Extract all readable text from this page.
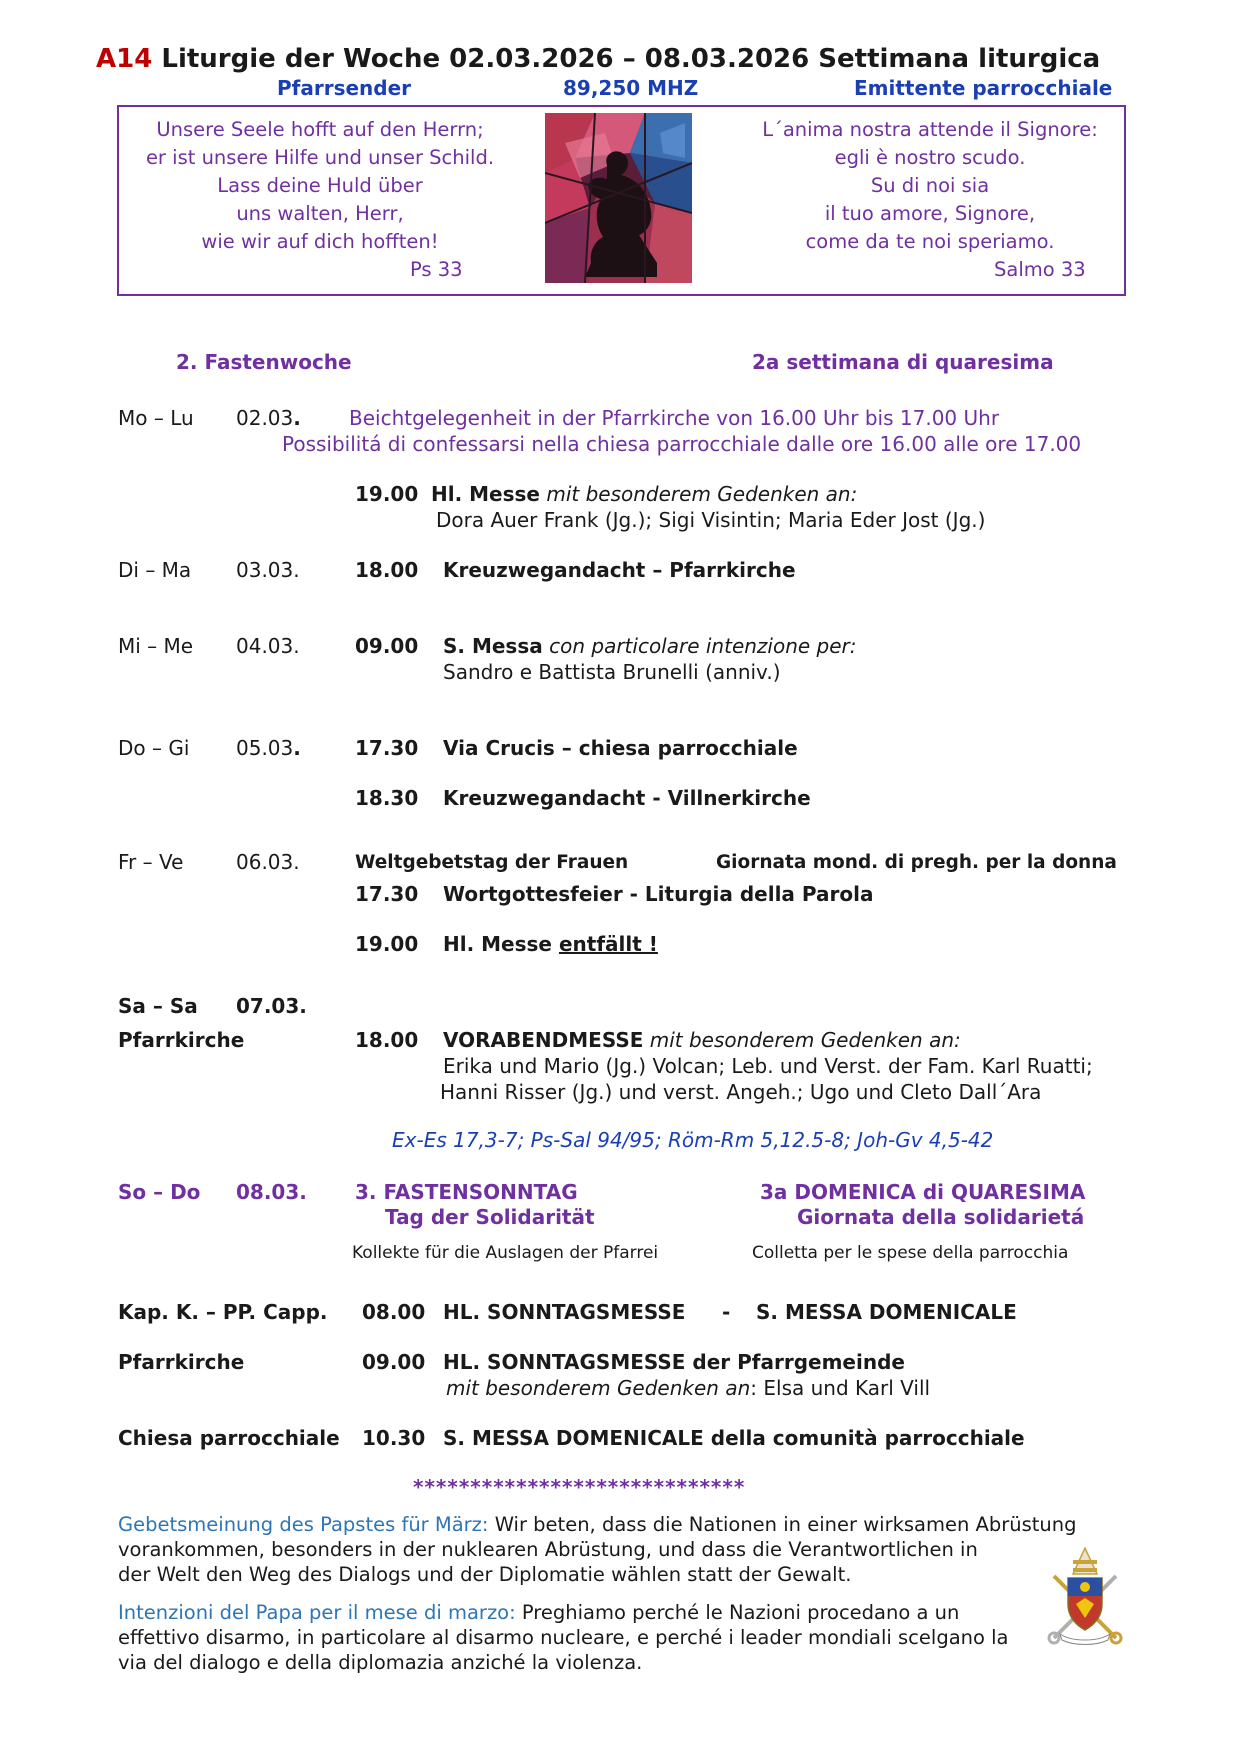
A14 Liturgie der Woche 02.03.2026 – 08.03.2026 Settimana liturgica
Pfarrsender	89,250 MHZ	Emittente parrocchiale
Unsere Seele hofft auf den Herrn;
er ist unsere Hilfe und unser Schild.
Lass deine Huld über
uns walten, Herr,
wie wir auf dich hofften!
Ps 33
L´anima nostra attende il Signore:
egli è nostro scudo.
Su di noi sia
il tuo amore, Signore,
come da te noi speriamo.
Salmo 33
2. Fastenwoche	2a settimana di quaresima
Mo – Lu 02.03. Beichtgelegenheit in der Pfarrkirche von 16.00 Uhr bis 17.00 Uhr
Possibilitá di confessarsi nella chiesa parrocchiale dalle ore 16.00 alle ore 17.00
19.00 Hl. Messe mit besonderem Gedenken an:
Dora Auer Frank (Jg.); Sigi Visintin; Maria Eder Jost (Jg.)
Di – Ma 03.03.	18.00 Kreuzwegandacht – Pfarrkirche
Mi – Me 04.03.	09.00 S. Messa con particolare intenzione per:
Sandro e Battista Brunelli (anniv.)
Do – Gi 05.03.	17.30 Via Crucis – chiesa parrocchiale
18.30 Kreuzwegandacht - Villnerkirche
Fr – Ve	06.03.	Weltgebetstag der Frauen	Giornata mond. di pregh. per la donna
17.30 Wortgottesfeier - Liturgia della Parola
19.00 Hl. Messe entfällt !
Sa – Sa 07.03.
Pfarrkirche	18.00 VORABENDMESSE mit besonderem Gedenken an:
Erika und Mario (Jg.) Volcan; Leb. und Verst. der Fam. Karl Ruatti;
Hanni Risser (Jg.) und verst. Angeh.; Ugo und Cleto Dall´Ara
Ex-Es 17,3-7; Ps-Sal 94/95; Röm-Rm 5,12.5-8; Joh-Gv 4,5-42
So – Do 08.03. 3. FASTENSONNTAG
Tag der Solidarität
3a DOMENICA di QUARESIMA
Giornata della solidarietá
Kollekte für die Auslagen der Pfarrei	Colletta per le spese della parrocchia
Kap. K. – PP. Capp. 08.00 HL. SONNTAGSMESSE - S. MESSA DOMENICALE
Pfarrkirche	09.00 HL. SONNTAGSMESSE der Pfarrgemeinde
mit besonderem Gedenken an: Elsa und Karl Vill
Chiesa parrocchiale 10.30 S. MESSA DOMENICALE della comunità parrocchiale
*****************************
Gebetsmeinung des Papstes für März: Wir beten, dass die Nationen in einer wirksamen Abrüstung
vorankommen, besonders in der nuklearen Abrüstung, und dass die Verantwortlichen in
der Welt den Weg des Dialogs und der Diplomatie wählen statt der Gewalt.
Intenzioni del Papa per il mese di marzo: Preghiamo perché le Nazioni procedano a un
effettivo disarmo, in particolare al disarmo nucleare, e perché i leader mondiali scelgano la
via del dialogo e della diplomazia anziché la violenza.
